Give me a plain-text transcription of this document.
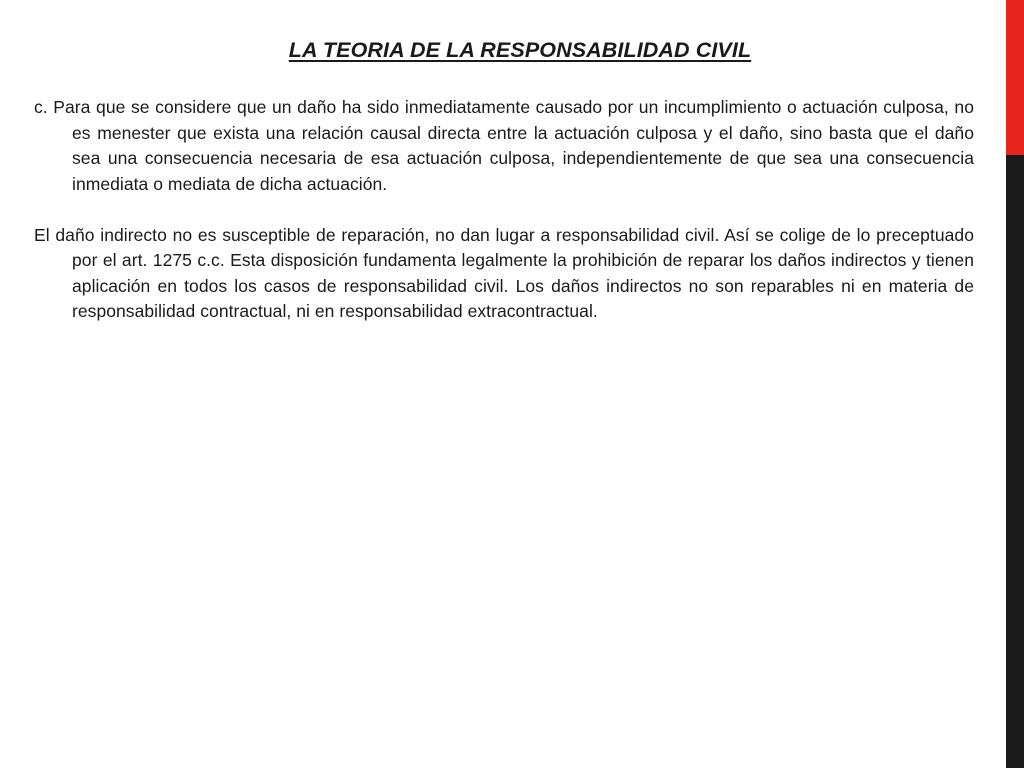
LA TEORIA DE LA RESPONSABILIDAD CIVIL

c. Para que se considere que un daño ha sido inmediatamente causado por un incumplimiento o actuación culposa, no es menester que exista una relación causal directa entre la actuación culposa y el daño, sino basta que el daño sea una consecuencia necesaria de esa actuación culposa, independientemente de que sea una consecuencia inmediata o mediata de dicha actuación.

El daño indirecto no es susceptible de reparación, no dan lugar a responsabilidad civil. Así se colige de lo preceptuado por el art. 1275 c.c. Esta disposición fundamenta legalmente la prohibición de reparar los daños indirectos y tienen aplicación en todos los casos de responsabilidad civil. Los daños indirectos no son reparables ni en materia de responsabilidad contractual, ni en responsabilidad extracontractual.
